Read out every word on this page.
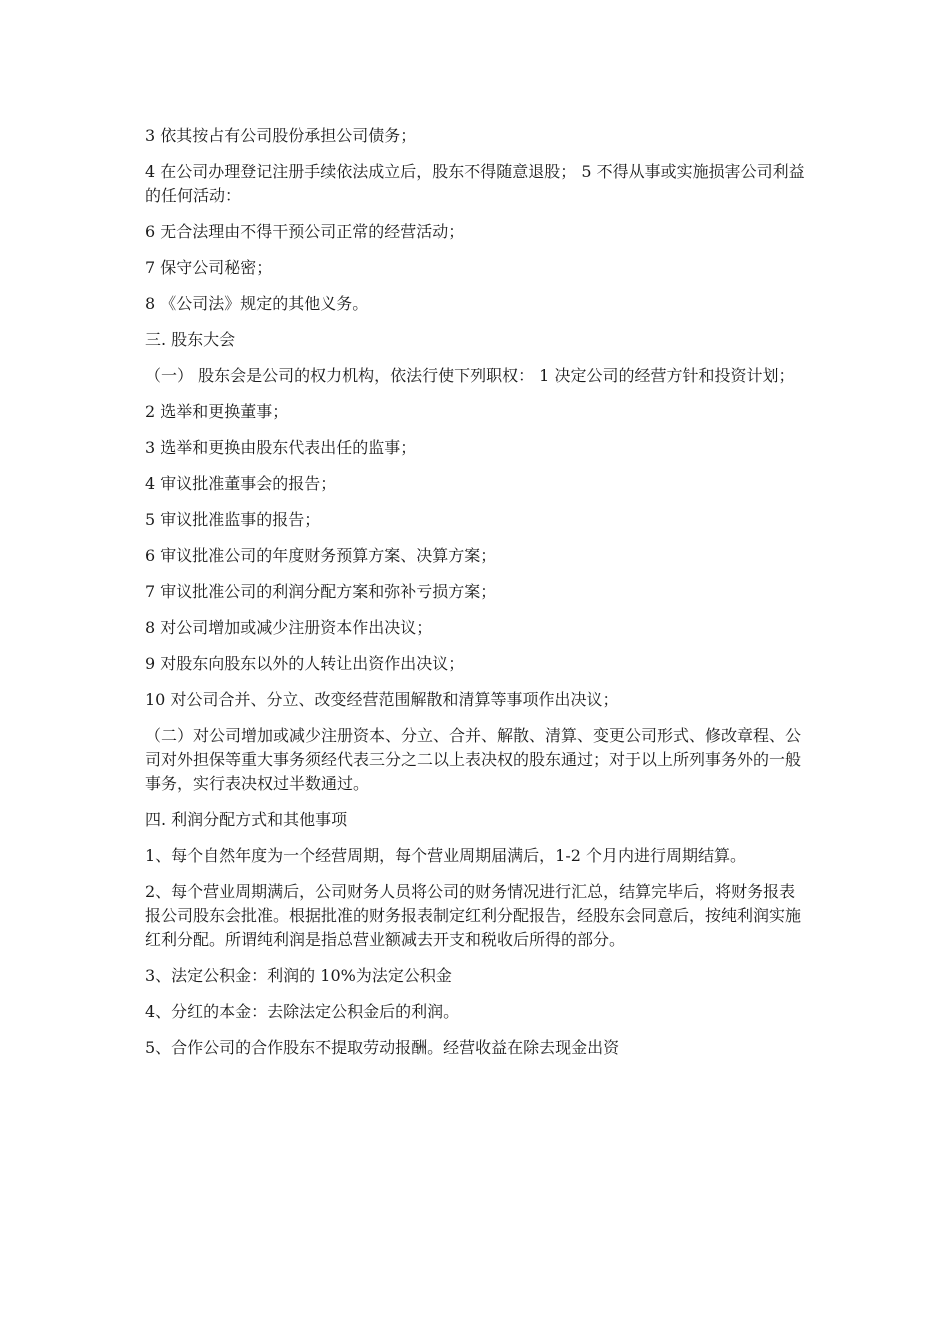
3 依其按占有公司股份承担公司债务；

4 在公司办理登记注册手续依法成立后，股东不得随意退股； 5 不得从事或实施损害公司利益的任何活动：

6 无合法理由不得干预公司正常的经营活动；

7 保守公司秘密；

8 《公司法》规定的其他义务。

三. 股东大会

（一） 股东会是公司的权力机构，依法行使下列职权： 1 决定公司的经营方针和投资计划；

2 选举和更换董事；

3 选举和更换由股东代表出任的监事；

4 审议批准董事会的报告；

5 审议批准监事的报告；

6 审议批准公司的年度财务预算方案、决算方案；

7 审议批准公司的利润分配方案和弥补亏损方案；

8 对公司增加或减少注册资本作出决议；

9 对股东向股东以外的人转让出资作出决议；

10 对公司合并、分立、改变经营范围解散和清算等事项作出决议；

（二）对公司增加或减少注册资本、分立、合并、解散、清算、变更公司形式、修改章程、公司对外担保等重大事务须经代表三分之二以上表决权的股东通过；对于以上所列事务外的一般事务，实行表决权过半数通过。

四. 利润分配方式和其他事项

1、每个自然年度为一个经营周期，每个营业周期届满后，1-2 个月内进行周期结算。

2、每个营业周期满后，公司财务人员将公司的财务情况进行汇总，结算完毕后，将财务报表报公司股东会批准。根据批准的财务报表制定红利分配报告，经股东会同意后，按纯利润实施红利分配。所谓纯利润是指总营业额减去开支和税收后所得的部分。

3、法定公积金：利润的 10%为法定公积金

4、分红的本金：去除法定公积金后的利润。

5、合作公司的合作股东不提取劳动报酬。经营收益在除去现金出资
